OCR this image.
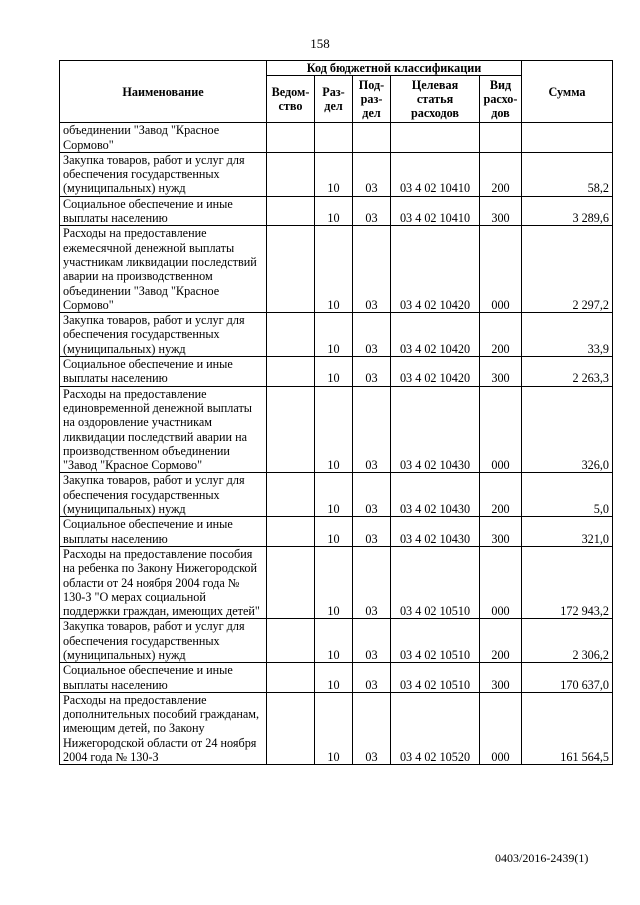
158
Наименование	Код бюджетной классификации					Сумма
	Ведом-ство	Раз-дел	Под-раз-дел	Целевая статья расходов	Вид расхо-дов	
объединении "Завод "Красное Сормово"						
Закупка товаров, работ и услуг для обеспечения государственных (муниципальных) нужд		10	03	03 4 02 10410	200	58,2
Социальное обеспечение и иные выплаты населению		10	03	03 4 02 10410	300	3 289,6
Расходы на предоставление ежемесячной денежной выплаты участникам ликвидации последствий аварии на производственном объединении "Завод "Красное Сормово"		10	03	03 4 02 10420	000	2 297,2
Закупка товаров, работ и услуг для обеспечения государственных (муниципальных) нужд		10	03	03 4 02 10420	200	33,9
Социальное обеспечение и иные выплаты населению		10	03	03 4 02 10420	300	2 263,3
Расходы на предоставление единовременной денежной выплаты на оздоровление участникам ликвидации последствий аварии на производственном объединении "Завод "Красное Сормово"		10	03	03 4 02 10430	000	326,0
Закупка товаров, работ и услуг для обеспечения государственных (муниципальных) нужд		10	03	03 4 02 10430	200	5,0
Социальное обеспечение и иные выплаты населению		10	03	03 4 02 10430	300	321,0
Расходы на предоставление пособия на ребенка по Закону Нижегородской области от 24 ноября 2004 года № 130-З "О мерах социальной поддержки граждан, имеющих детей"		10	03	03 4 02 10510	000	172 943,2
Закупка товаров, работ и услуг для обеспечения государственных (муниципальных) нужд		10	03	03 4 02 10510	200	2 306,2
Социальное обеспечение и иные выплаты населению		10	03	03 4 02 10510	300	170 637,0
Расходы на предоставление дополнительных пособий гражданам, имеющим детей, по Закону Нижегородской области от 24 ноября 2004 года № 130-З		10	03	03 4 02 10520	000	161 564,5
0403/2016-2439(1)
